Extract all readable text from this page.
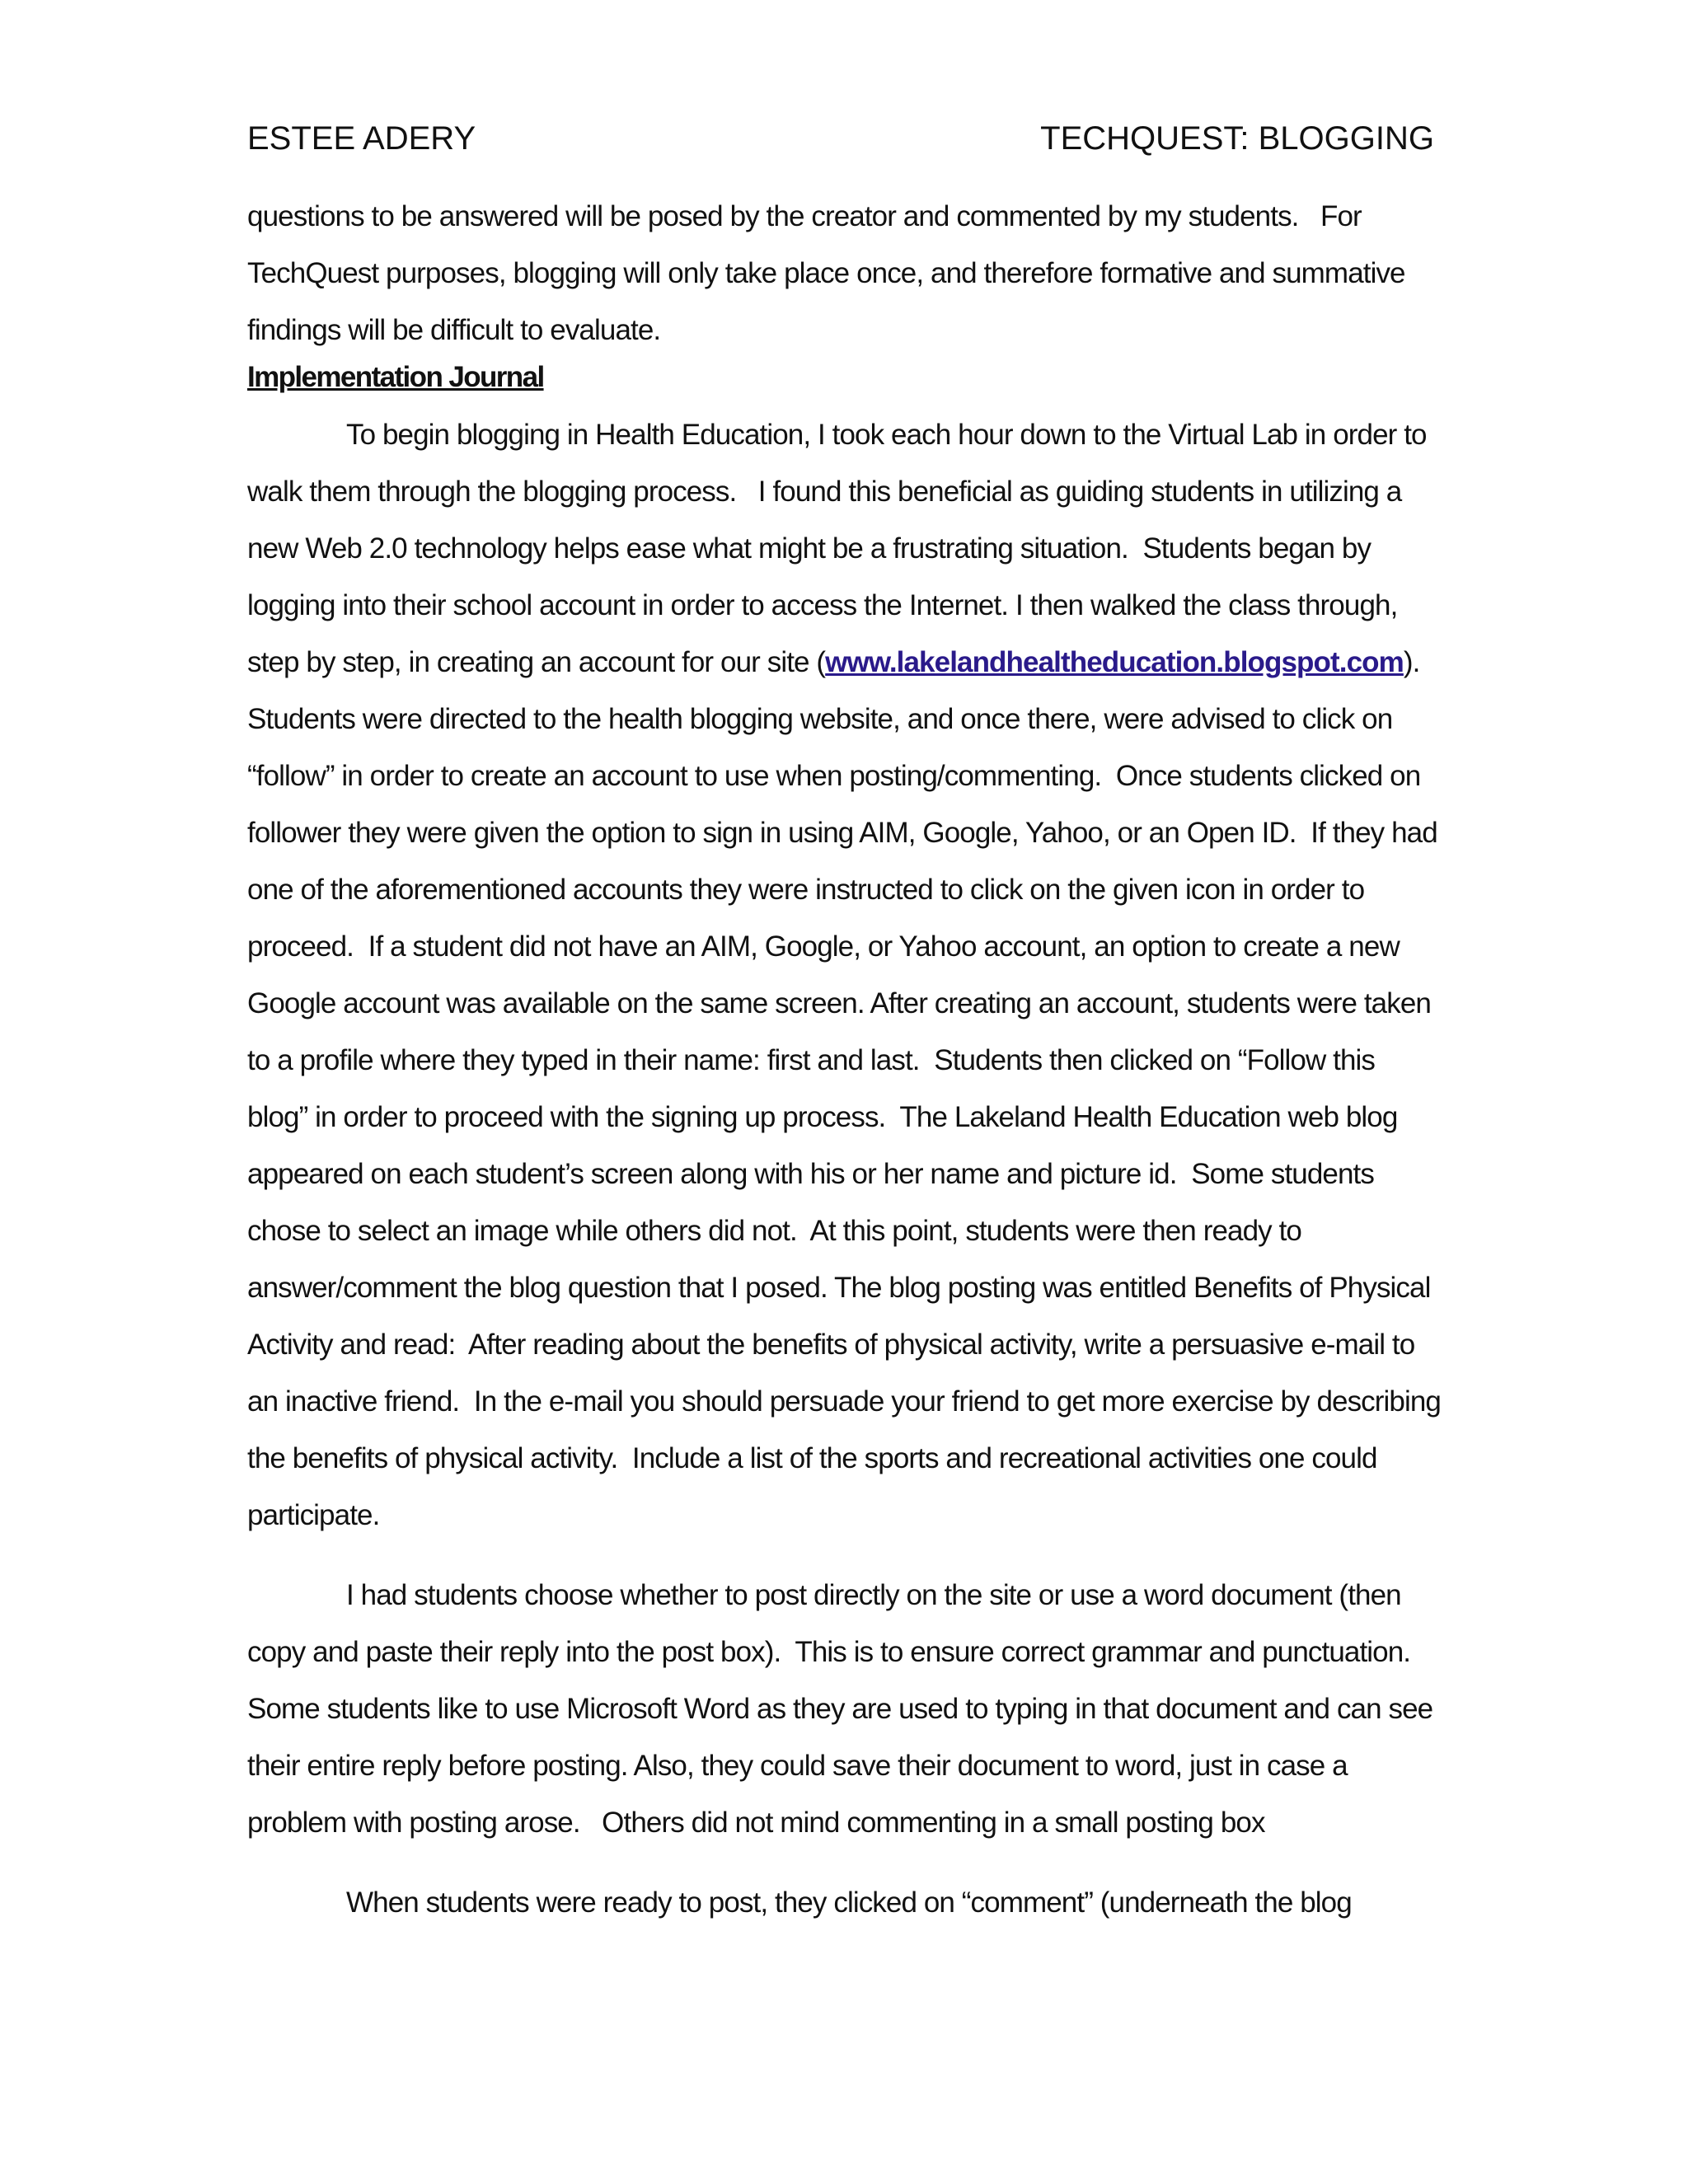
ESTEE ADERY	TECHQUEST: BLOGGING

questions to be answered will be posed by the creator and commented by my students.   For TechQuest purposes, blogging will only take place once, and therefore formative and summative findings will be difficult to evaluate.

Implementation Journal

To begin blogging in Health Education, I took each hour down to the Virtual Lab in order to walk them through the blogging process.   I found this beneficial as guiding students in utilizing a new Web 2.0 technology helps ease what might be a frustrating situation.  Students began by logging into their school account in order to access the Internet. I then walked the class through, step by step, in creating an account for our site (www.lakelandhealtheducation.blogspot.com). Students were directed to the health blogging website, and once there, were advised to click on “follow” in order to create an account to use when posting/commenting.  Once students clicked on follower they were given the option to sign in using AIM, Google, Yahoo, or an Open ID.  If they had one of the aforementioned accounts they were instructed to click on the given icon in order to proceed.  If a student did not have an AIM, Google, or Yahoo account, an option to create a new Google account was available on the same screen. After creating an account, students were taken to a profile where they typed in their name: first and last.  Students then clicked on “Follow this blog” in order to proceed with the signing up process.  The Lakeland Health Education web blog appeared on each student’s screen along with his or her name and picture id.  Some students chose to select an image while others did not.  At this point, students were then ready to answer/comment the blog question that I posed. The blog posting was entitled Benefits of Physical Activity and read:  After reading about the benefits of physical activity, write a persuasive e-mail to an inactive friend.  In the e-mail you should persuade your friend to get more exercise by describing the benefits of physical activity.  Include a list of the sports and recreational activities one could participate.

I had students choose whether to post directly on the site or use a word document (then copy and paste their reply into the post box).  This is to ensure correct grammar and punctuation. Some students like to use Microsoft Word as they are used to typing in that document and can see their entire reply before posting. Also, they could save their document to word, just in case a problem with posting arose.   Others did not mind commenting in a small posting box

When students were ready to post, they clicked on “comment” (underneath the blog
